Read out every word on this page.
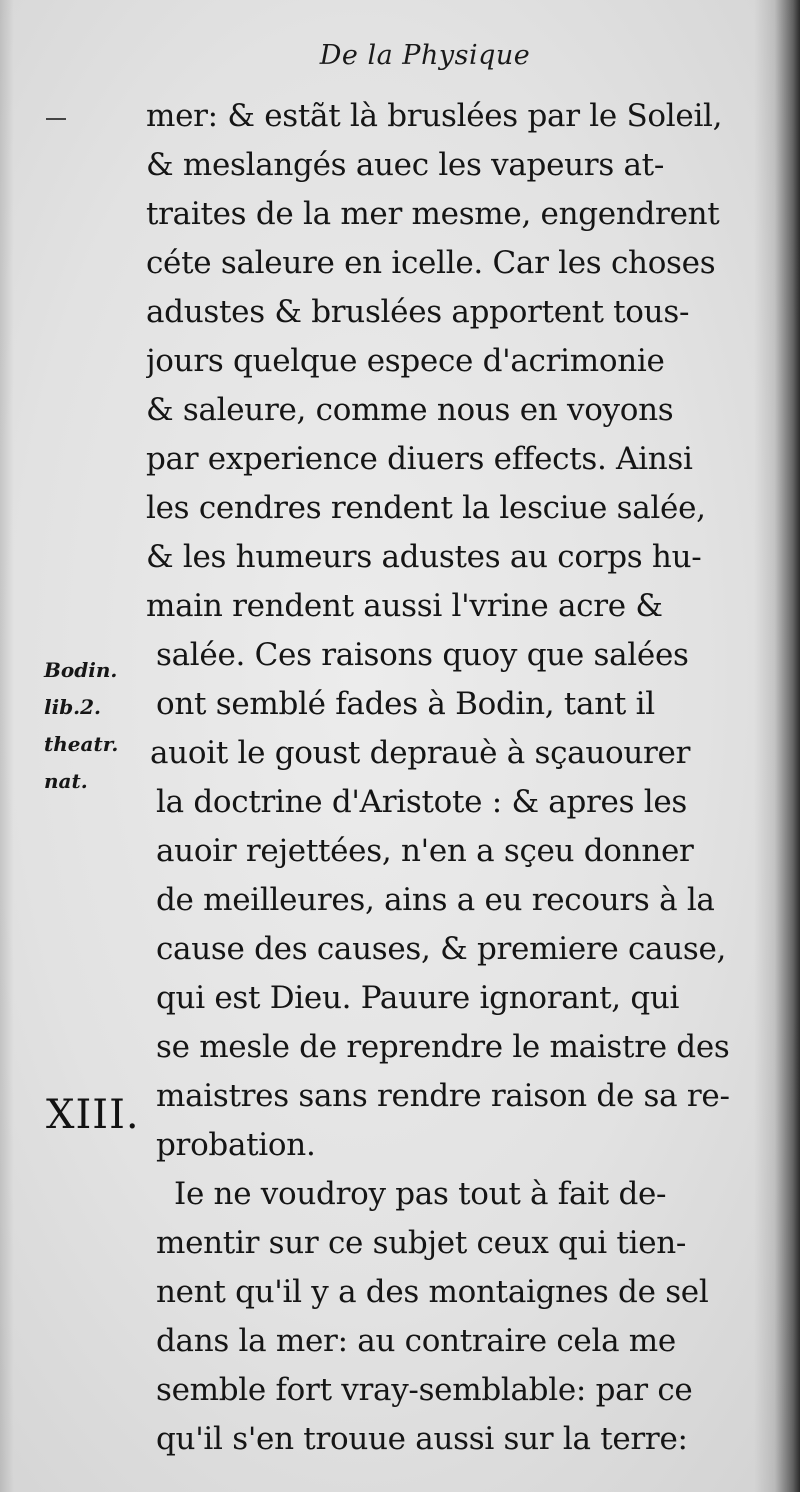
De la Physique
mer: & estãt là bruslées par le Soleil,
& meslangés auec les vapeurs at-
traites de la mer mesme, engendrent
céte saleure en icelle. Car les choses
adustes & bruslées apportent tous-
jours quelque espece d'acrimonie
& saleure, comme nous en voyons
par experience diuers effects. Ainsi
les cendres rendent la lesciue salée,
& les humeurs adustes au corps hu-
main rendent aussi l'vrine acre &
salée. Ces raisons quoy que salées
ont semblé fades à Bodin, tant il
auoit le goust deprauè à sçauourer
la doctrine d'Aristote : & apres les
auoir rejettées, n'en a sçeu donner
de meilleures, ains a eu recours à la
cause des causes, & premiere cause,
qui est Dieu. Pauure ignorant, qui
se mesle de reprendre le maistre des
maistres sans rendre raison de sa re-
probation.
Ie ne voudroy pas tout à fait de-
mentir sur ce subjet ceux qui tien-
nent qu'il y a des montaignes de sel
dans la mer: au contraire cela me
semble fort vray-semblable: par ce
qu'il s'en trouue aussi sur la terre:
Bodin.
lib.2.
theatr.
nat.
XIII.
